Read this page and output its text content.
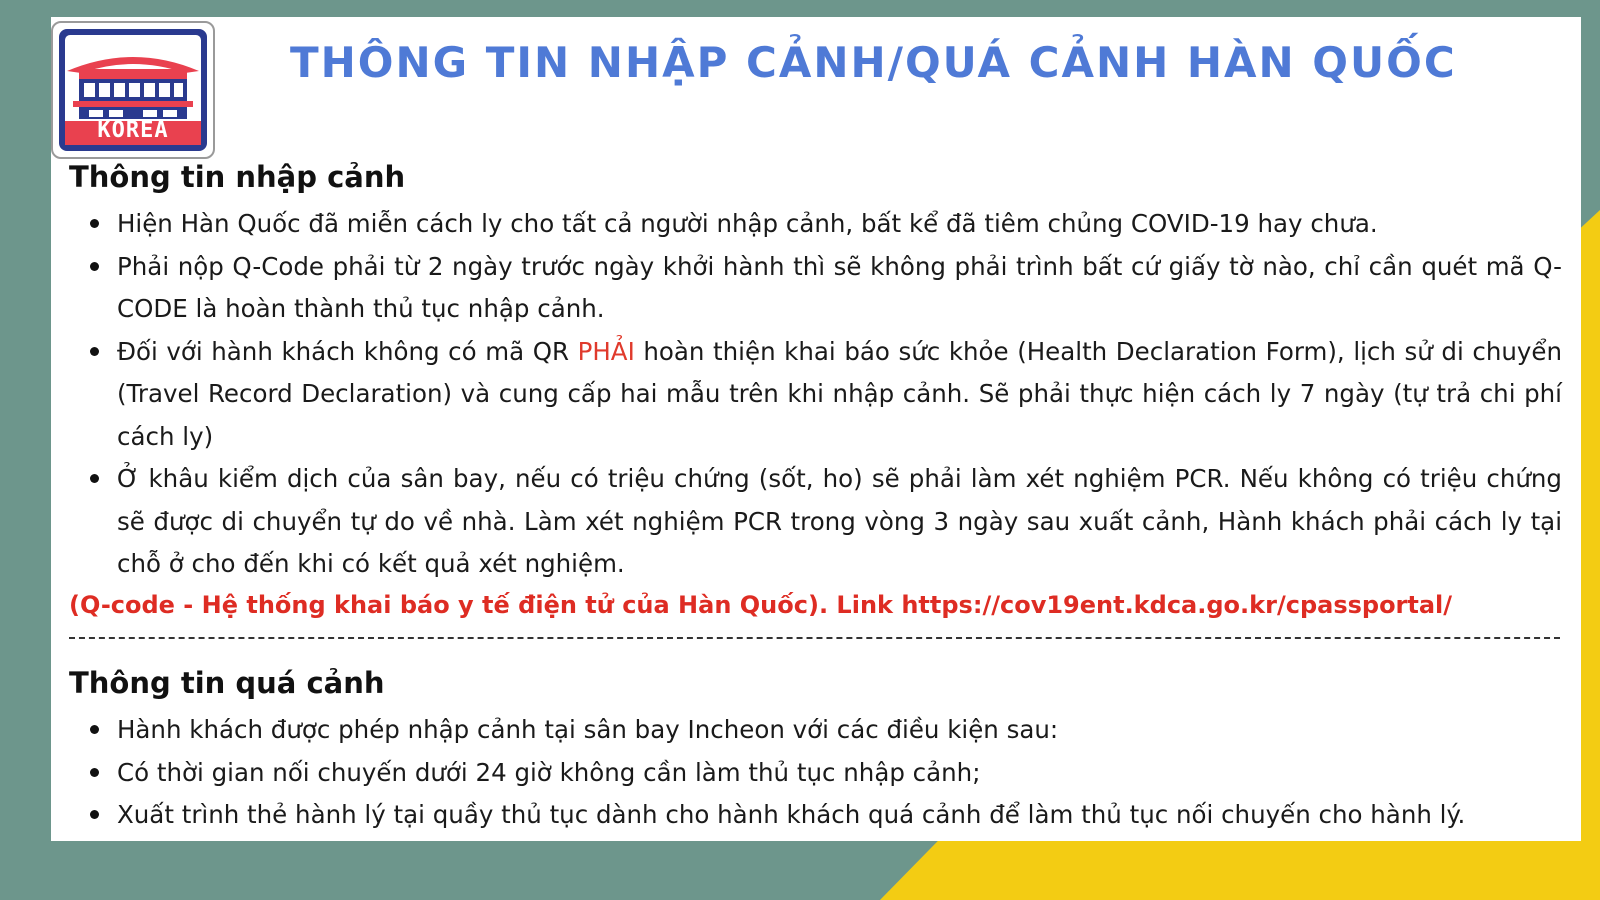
KOREA
THÔNG TIN NHẬP CẢNH/QUÁ CẢNH HÀN QUỐC
Thông tin nhập cảnh
Hiện Hàn Quốc đã miễn cách ly cho tất cả người nhập cảnh, bất kể đã tiêm chủng COVID-19 hay chưa.
Phải nộp Q-Code phải từ 2 ngày trước ngày khởi hành thì sẽ không phải trình bất cứ giấy tờ nào, chỉ cần quét mã Q-CODE là hoàn thành thủ tục nhập cảnh.
Đối với hành khách không có mã QR PHẢI hoàn thiện khai báo sức khỏe (Health Declaration Form), lịch sử di chuyển (Travel Record Declaration) và cung cấp hai mẫu trên khi nhập cảnh. Sẽ phải thực hiện cách ly 7 ngày (tự trả chi phí cách ly)
Ở khâu kiểm dịch của sân bay, nếu có triệu chứng (sốt, ho) sẽ phải làm xét nghiệm PCR. Nếu không có triệu chứng sẽ được di chuyển tự do về nhà. Làm xét nghiệm PCR trong vòng 3 ngày sau xuất cảnh, Hành khách phải cách ly tại chỗ ở cho đến khi có kết quả xét nghiệm.
(Q-code - Hệ thống khai báo y tế điện tử của Hàn Quốc). Link https://cov19ent.kdca.go.kr/cpassportal/
Thông tin quá cảnh
Hành khách được phép nhập cảnh tại sân bay Incheon với các điều kiện sau:
Có thời gian nối chuyến dưới 24 giờ không cần làm thủ tục nhập cảnh;
Xuất trình thẻ hành lý tại quầy thủ tục dành cho hành khách quá cảnh để làm thủ tục nối chuyến cho hành lý.
